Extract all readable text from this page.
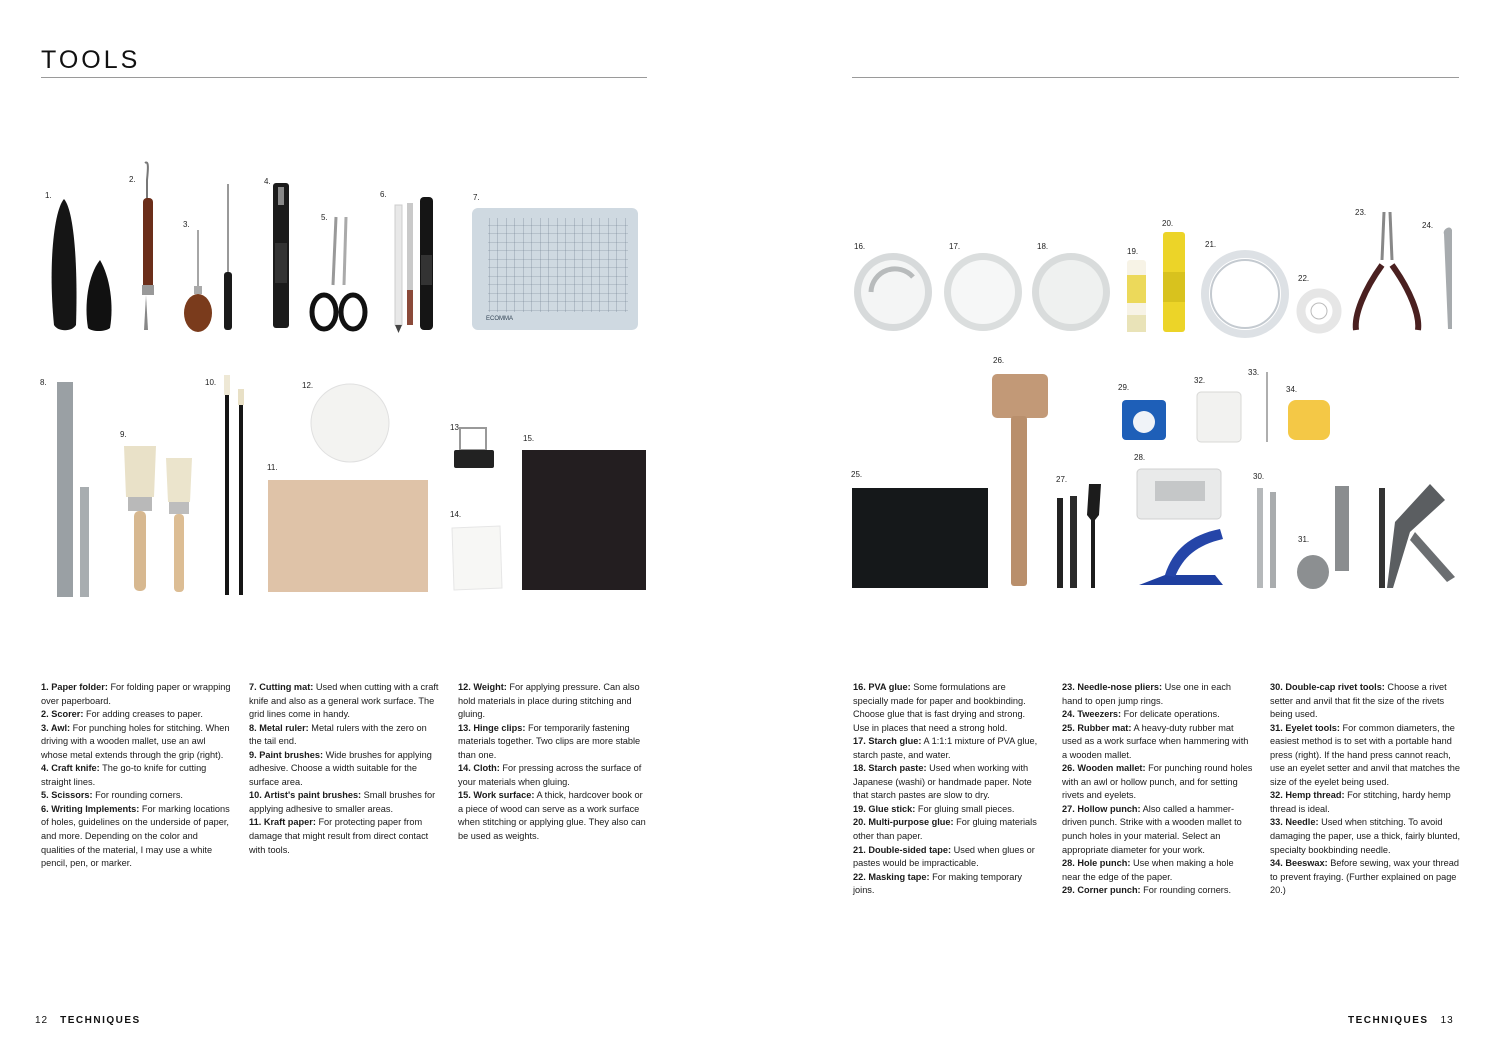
TOOLS
1.
2.
3.
4.
5.
6.	7.
8.
9.
10.
11.
12.
13.
14.
15.
16.	17.	18.
19.
20.
21.
22.
23.
24.
25.
26.
27.
28.
29.
30.
31.
32.
33.
34.
ECOMMA

1. Paper folder: For folding paper or wrapping over paperboard.

2. Scorer: For adding creases to paper.

3. Awl: For punching holes for stitching. When driving with a wooden mallet, use an awl whose metal extends through the grip (right).

4. Craft knife: The go-to knife for cutting straight lines.

5. Scissors: For rounding corners.

6. Writing Implements: For marking locations of holes, guidelines on the underside of paper, and more. Depending on the color and qualities of the material, I may use a white pencil, pen, or marker.

7. Cutting mat: Used when cutting with a craft knife and also as a general work surface. The grid lines come in handy.

8. Metal ruler: Metal rulers with the zero on the tail end.

9. Paint brushes: Wide brushes for applying adhesive. Choose a width suitable for the surface area.

10. Artist's paint brushes: Small brushes for applying adhesive to smaller areas.

11. Kraft paper: For protecting paper from damage that might result from direct contact with tools.

12. Weight: For applying pressure. Can also hold materials in place during stitching and gluing.

13. Hinge clips: For temporarily fastening materials together. Two clips are more stable than one.

14. Cloth: For pressing across the surface of your materials when gluing.

15. Work surface: A thick, hardcover book or a piece of wood can serve as a work surface when stitching or applying glue. They also can be used as weights.

16. PVA glue: Some formulations are specially made for paper and bookbinding. Choose glue that is fast drying and strong. Use in places that need a strong hold.

17. Starch glue: A 1:1:1 mixture of PVA glue, starch paste, and water.

18. Starch paste: Used when working with Japanese (washi) or handmade paper. Note that starch pastes are slow to dry.

19. Glue stick: For gluing small pieces.

20. Multi-purpose glue: For gluing materials other than paper.

21. Double-sided tape: Used when glues or pastes would be impracticable.

22. Masking tape: For making temporary joins.

23. Needle-nose pliers: Use one in each hand to open jump rings.

24. Tweezers: For delicate operations.

25. Rubber mat: A heavy-duty rubber mat used as a work surface when hammering with a wooden mallet.

26. Wooden mallet: For punching round holes with an awl or hollow punch, and for setting rivets and eyelets.

27. Hollow punch: Also called a hammer-driven punch. Strike with a wooden mallet to punch holes in your material. Select an appropriate diameter for your work.

28. Hole punch: Use when making a hole near the edge of the paper.

29. Corner punch: For rounding corners.

30. Double-cap rivet tools: Choose a rivet setter and anvil that fit the size of the rivets being used.

31. Eyelet tools: For common diameters, the easiest method is to set with a portable hand press (right). If the hand press cannot reach, use an eyelet setter and anvil that matches the size of the eyelet being used.

32. Hemp thread: For stitching, hardy hemp thread is ideal.

33. Needle: Used when stitching. To avoid damaging the paper, use a thick, fairly blunted, specialty bookbinding needle.

34. Beeswax: Before sewing, wax your thread to prevent fraying. (Further explained on page 20.)

12 TECHNIQUES	TECHNIQUES 13
